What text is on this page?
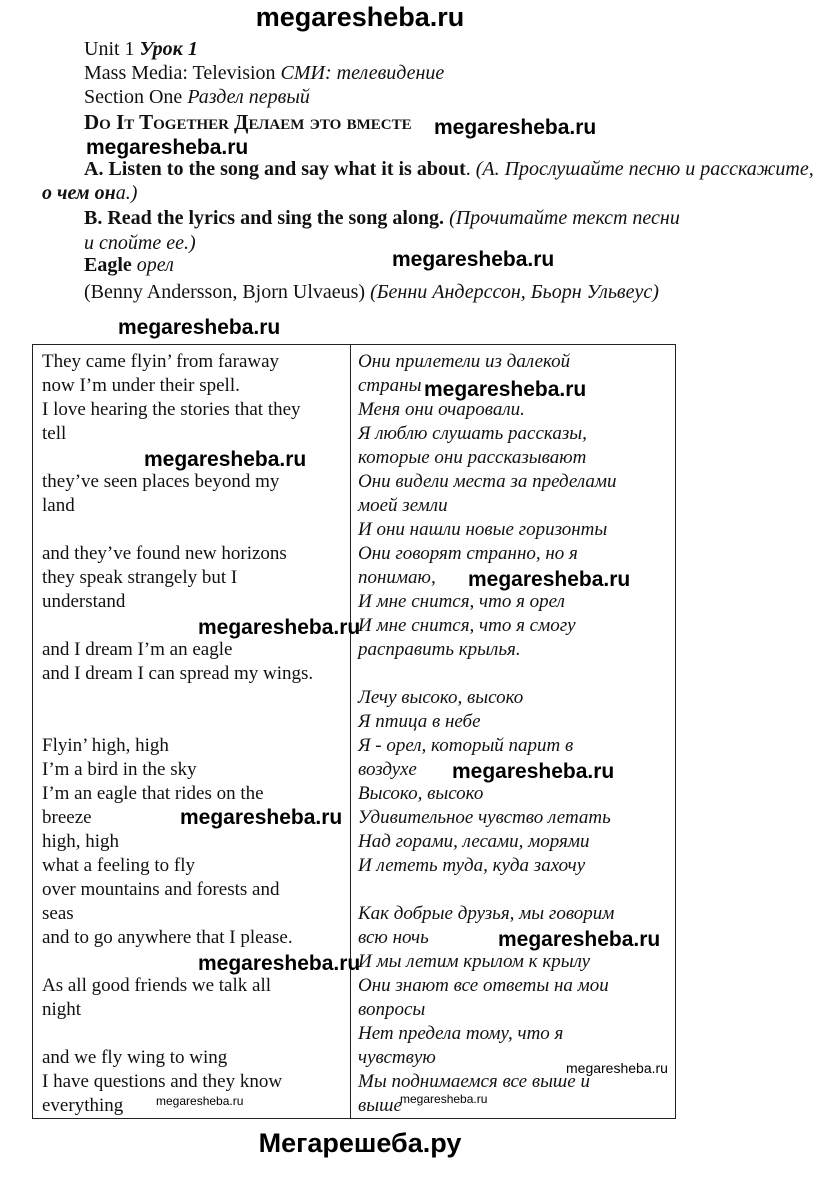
megaresheba.ru
Unit 1 Урок 1
Mass Media: Television СМИ: телевидение
Section One Раздел первый
Do It Together Делаем это вместе megaresheba.ru
megaresheba.ru
A. Listen to the song and say what it is about. (А. Прослушайте песню и расскажите,
о чем она.)
B. Read the lyrics and sing the song along. (Прочитайте текст песни и спойте ее.)
Eagle орел	megaresheba.ru
(Benny Andersson, Bjorn Ulvaeus) (Бенни Андерссон, Бьорн Ульвеус)
megaresheba.ru
They came flyin’ from faraway
now I’m under their spell.
I love hearing the stories that they
tell
they’ve seen places beyond my
land
and they’ve found new horizons
they speak strangely but I
understand
and I dream I’m an eagle
and I dream I can spread my wings.
Flyin’ high, high
I’m a bird in the sky
I’m an eagle that rides on the
breeze
high, high
what a feeling to fly
over mountains and forests and
seas
and to go anywhere that I please.
As all good friends we talk all
night
and we fly wing to wing
I have questions and they know
everything
Они прилетели из далекой
страны
Меня они очаровали.
Я люблю слушать рассказы,
которые они рассказывают
Они видели места за пределами
моей земли
И они нашли новые горизонты
Они говорят странно, но я
понимаю,
И мне снится, что я орел
И мне снится, что я смогу
расправить крылья.
Лечу высоко, высоко
Я птица в небе
Я - орел, который парит в
воздухе
Высоко, высоко
Удивительное чувство летать
Над горами, лесами, морями
И лететь туда, куда захочу
Как добрые друзья, мы говорим
всю ночь
И мы летим крылом к крылу
Они знают все ответы на мои
вопросы
Нет предела тому, что я
чувствую
Мы поднимаемся все выше и
выше
megaresheba.ru
megaresheba.ru
megaresheba.ru
megaresheba.ru
megaresheba.ru
megaresheba.ru
megaresheba.ru
megaresheba.ru
megaresheba.ru
megaresheba.ru	megaresheba.ru
Мегарешеба.ру
